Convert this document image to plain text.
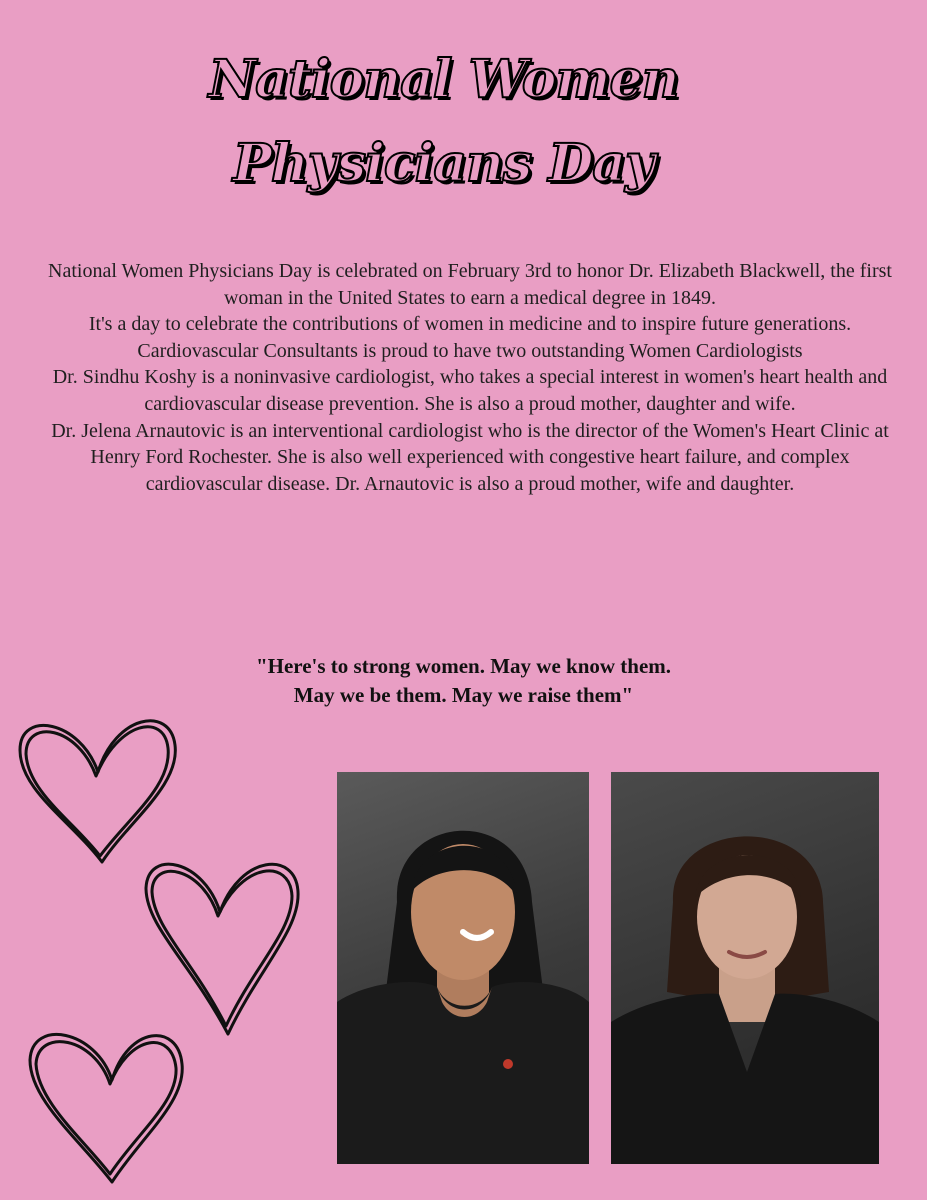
National Women
Physicians Day

National Women Physicians Day is celebrated on February 3rd to honor Dr. Elizabeth Blackwell, the first woman in the United States to earn a medical degree in 1849.

It's a day to celebrate the contributions of women in medicine and to inspire future generations.

Cardiovascular Consultants is proud to have two outstanding Women Cardiologists

Dr. Sindhu Koshy is a noninvasive cardiologist, who takes a special interest in women's heart health and cardiovascular disease prevention. She is also a proud mother, daughter and wife.

Dr. Jelena Arnautovic is an interventional cardiologist who is the director of the Women's Heart Clinic at Henry Ford Rochester. She is also well experienced with congestive heart failure, and complex cardiovascular disease. Dr. Arnautovic is also a proud mother, wife and daughter.

"Here's to strong women. May we know them.

May we be them. May we raise them"
